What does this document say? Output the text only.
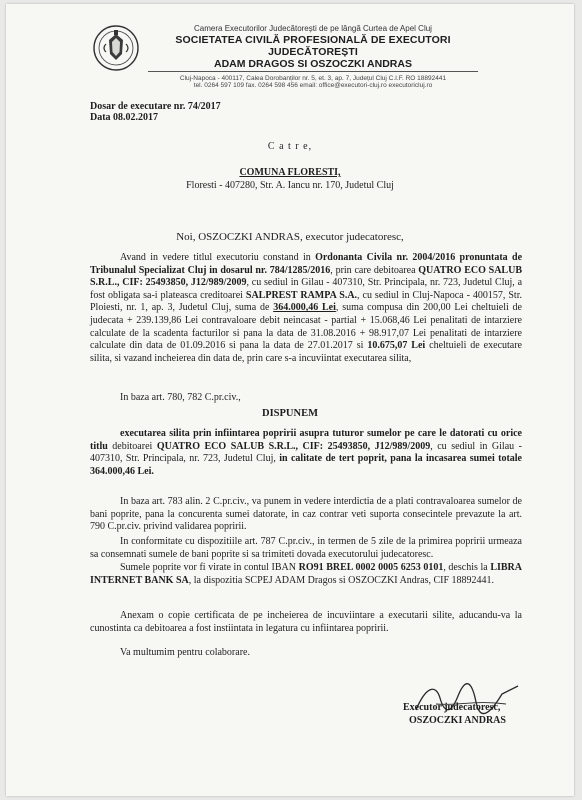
Camera Executorilor Judecătorești de pe lângă Curtea de Apel Cluj
SOCIETATEA CIVILĂ PROFESIONALĂ DE EXECUTORI JUDECĂTOREȘTI
ADAM DRAGOS SI OSZOCZKI ANDRAS
Cluj-Napoca - 400117, Calea Dorobanților nr. 5, et. 3, ap. 7, Județul Cluj C.I.F. RO 18892441
tel. 0264 597 109 fax. 0264 598 456 email: office@executori-cluj.ro executoricluj.ro
Dosar de executare nr. 74/2017
Data 08.02.2017
C a t r e,
COMUNA FLORESTI,
Floresti - 407280, Str. A. Iancu nr. 170, Judetul Cluj
Noi, OSZOCZKI ANDRAS, executor judecatoresc,

Avand in vedere titlul executoriu constand in Ordonanta Civila nr. 2004/2016 pronuntata de Tribunalul Specializat Cluj in dosarul nr. 784/1285/2016, prin care debitoarea QUATRO ECO SALUB S.R.L., CIF: 25493850, J12/989/2009, cu sediul in Gilau - 407310, Str. Principala, nr. 723, Judetul Cluj, a fost obligata sa-i plateasca creditoarei SALPREST RAMPA S.A., cu sediul in Cluj-Napoca - 400157, Str. Ploiesti, nr. 1, ap. 3, Judetul Cluj, suma de 364.000,46 Lei, suma compusa din 200,00 Lei cheltuieli de judecata + 239.139,86 Lei contravaloare debit neincasat - partial + 15.068,46 Lei penalitati de intarziere calculate de la scadenta facturilor si pana la data de 31.08.2016 + 98.917,07 Lei penalitati de intarziere calculate din data de 01.09.2016 si pana la data de 27.01.2017 si 10.675,07 Lei cheltuieli de executare silita, si vazand incheierea din data de, prin care s-a incuviintat executarea silita,

In baza art. 780, 782 C.pr.civ.,
DISPUNEM

executarea silita prin infiintarea popririi asupra tuturor sumelor pe care le datorati cu orice titlu debitoarei QUATRO ECO SALUB S.R.L., CIF: 25493850, J12/989/2009, cu sediul in Gilau - 407310, Str. Principala, nr. 723, Judetul Cluj, in calitate de tert poprit, pana la incasarea sumei totale 364.000,46 Lei.

In baza art. 783 alin. 2 C.pr.civ., va punem in vedere interdictia de a plati contravaloarea sumelor de bani poprite, pana la concurenta sumei datorate, in caz contrar veti suporta consecintele prevazute la art. 790 C.pr.civ. privind validarea popririi.

In conformitate cu dispozitiile art. 787 C.pr.civ., in termen de 5 zile de la primirea popririi urmeaza sa consemnati sumele de bani poprite si sa trimiteti dovada executorului judecatoresc.

Sumele poprite vor fi virate in contul IBAN RO91 BREL 0002 0005 6253 0101, deschis la LIBRA INTERNET BANK SA, la dispozitia SCPEJ ADAM Dragos si OSZOCZKI Andras, CIF 18892441.

Anexam o copie certificata de pe incheierea de incuviintare a executarii silite, aducandu-va la cunostinta ca debitoarea a fost instiintata in legatura cu infiintarea popririi.

Va multumim pentru colaborare.
Executor judecatoresc,
OSZOCZKI ANDRAS
